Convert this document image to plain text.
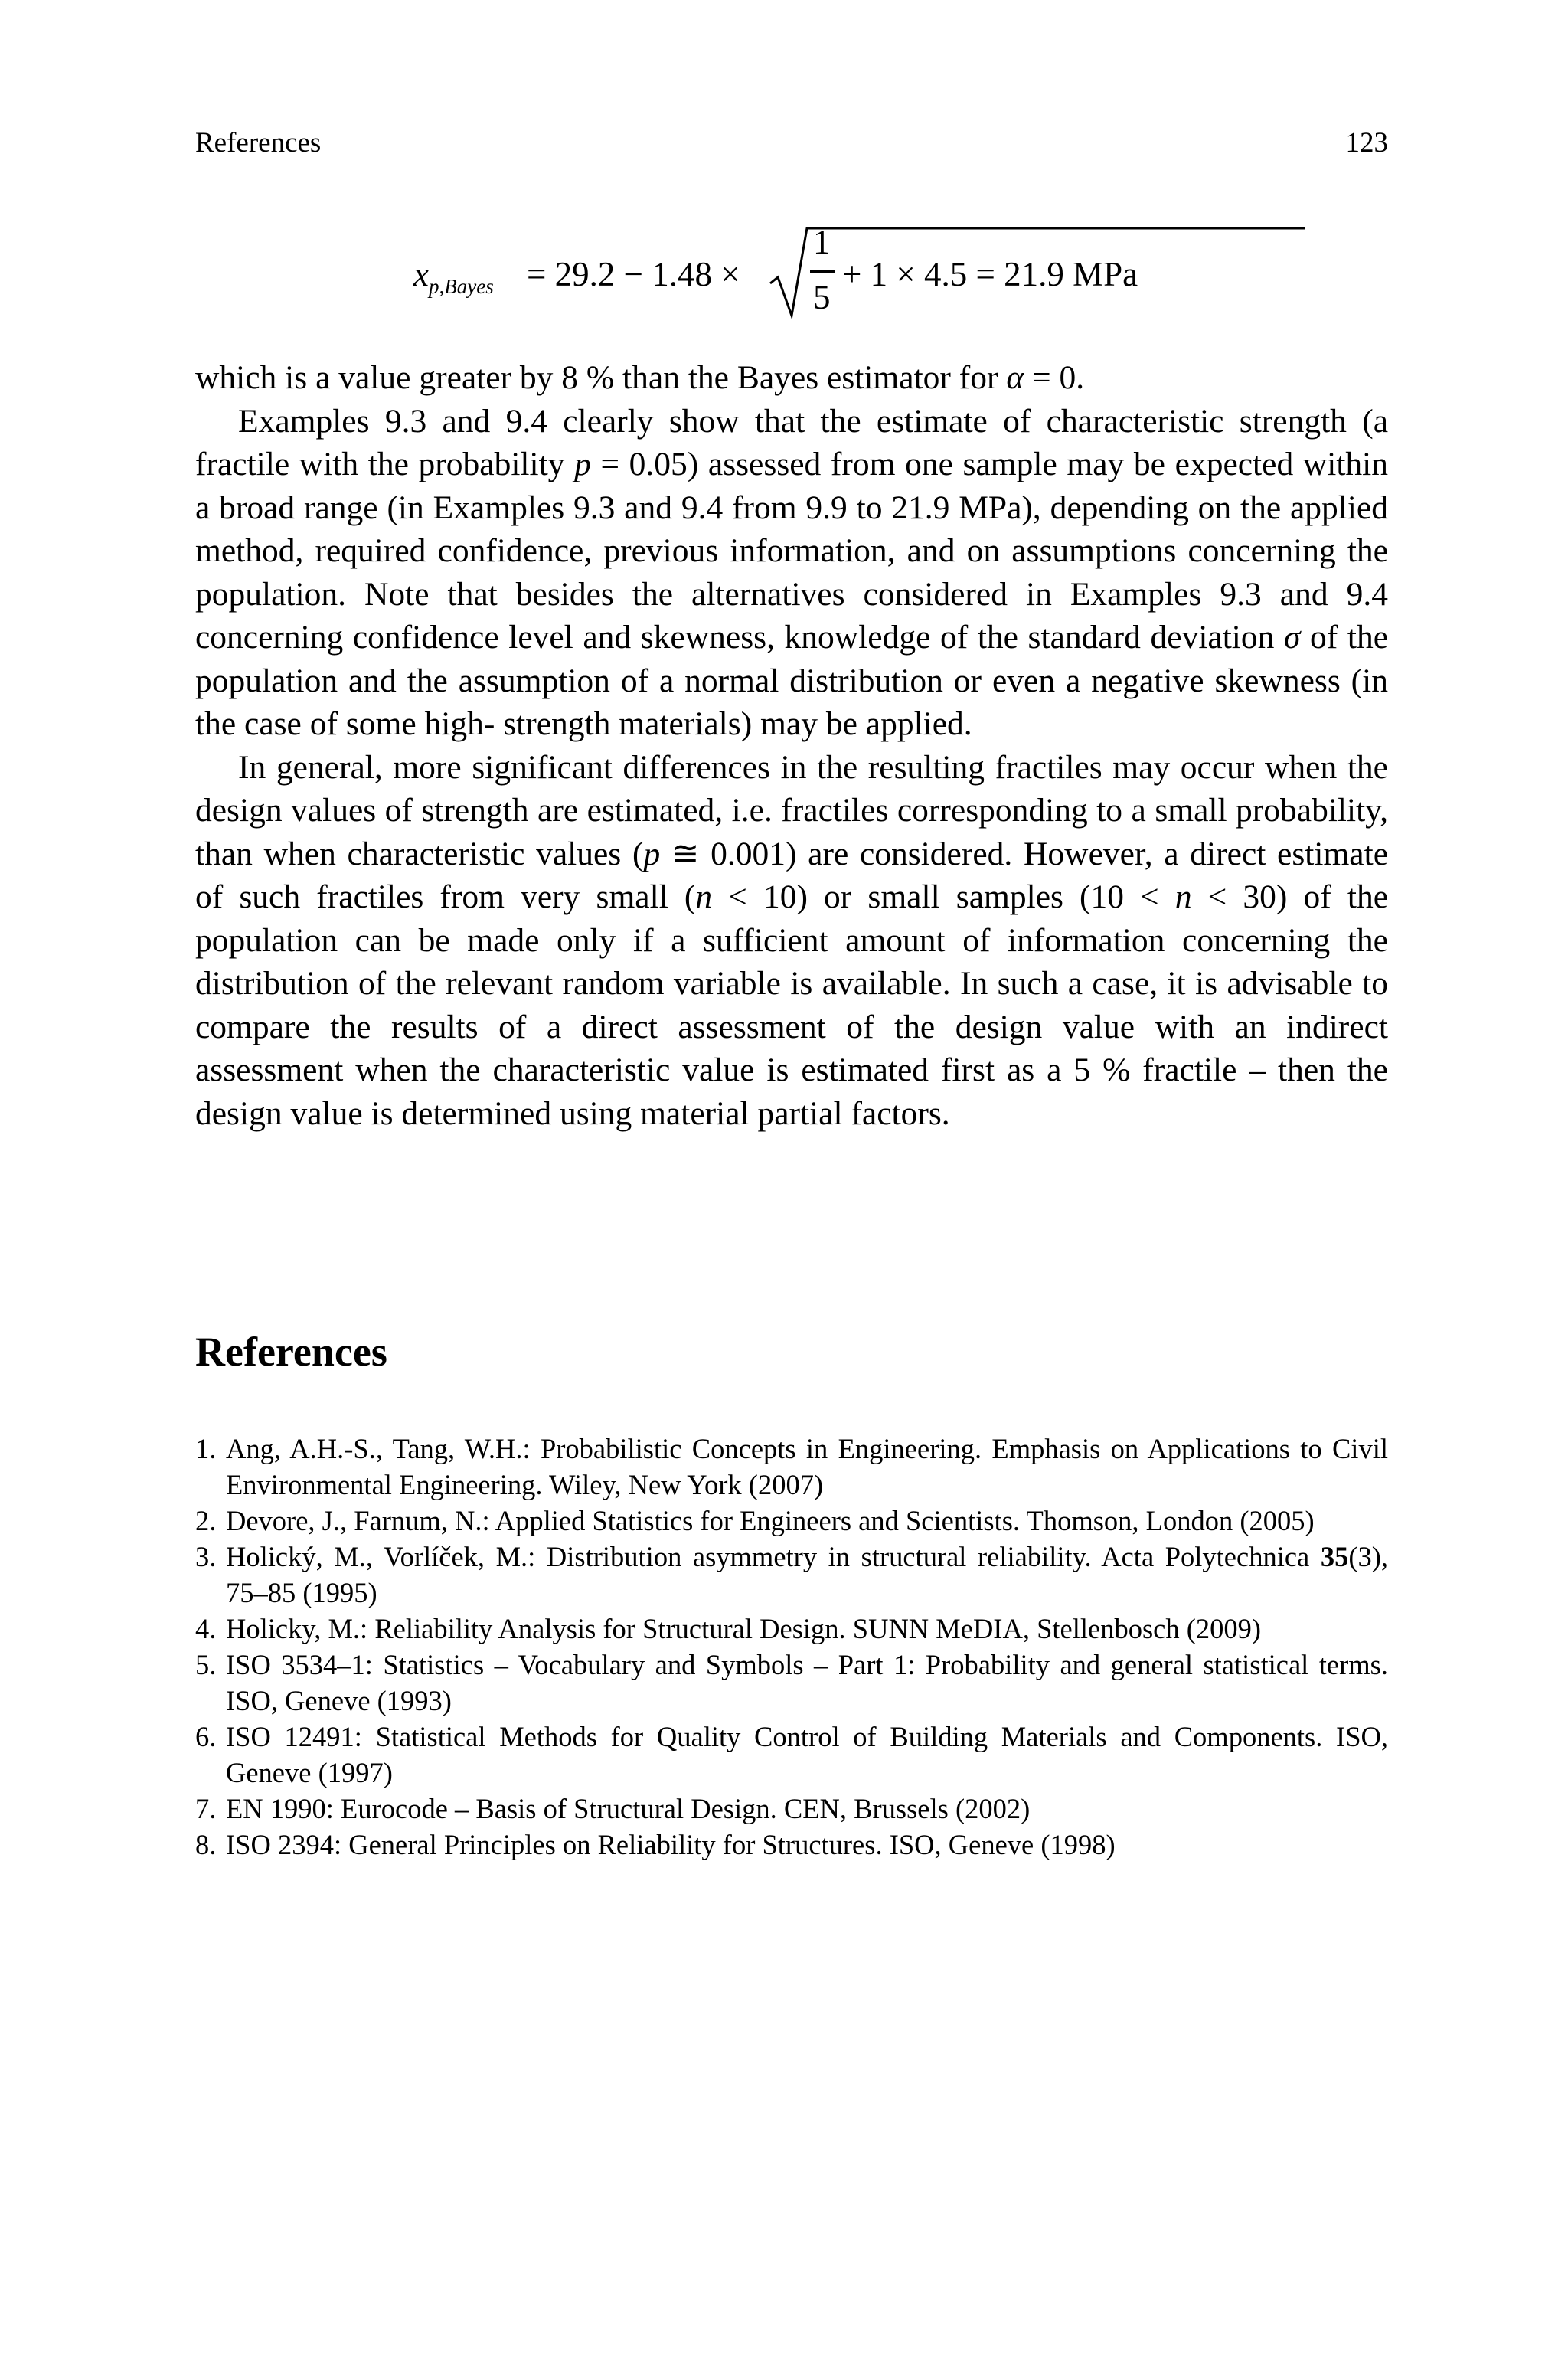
References	123
$x_{p,Bayes} = 29.2 - 1.48$ ×
1
5
+ 1 × 4.5 = 21.9 MPa

which is a value greater by 8 % than the Bayes estimator for α = 0.

Examples 9.3 and 9.4 clearly show that the estimate of characteristic strength (a fractile with the probability p = 0.05) assessed from one sample may be expected within a broad range (in Examples 9.3 and 9.4 from 9.9 to 21.9 MPa), depending on the applied method, required confidence, previous information, and on assumptions concerning the population. Note that besides the alternatives considered in Examples 9.3 and 9.4 concerning confidence level and skewness, knowledge of the standard deviation σ of the population and the assumption of a normal distribution or even a negative skewness (in the case of some high- strength materials) may be applied.

In general, more significant differences in the resulting fractiles may occur when the design values of strength are estimated, i.e. fractiles corresponding to a small probability, than when characteristic values (p ≅ 0.001) are considered. However, a direct estimate of such fractiles from very small (n < 10) or small samples (10 < n < 30) of the population can be made only if a sufficient amount of information concerning the distribution of the relevant random variable is available. In such a case, it is advisable to compare the results of a direct assessment of the design value with an indirect assessment when the characteristic value is estimated first as a 5 % fractile – then the design value is determined using material partial factors.

References
1. Ang, A.H.-S., Tang, W.H.: Probabilistic Concepts in Engineering. Emphasis on Applications to Civil Environmental Engineering. Wiley, New York (2007)
2. Devore, J., Farnum, N.: Applied Statistics for Engineers and Scientists. Thomson, London (2005)
3. Holický, M., Vorlíček, M.: Distribution asymmetry in structural reliability. Acta Polytechnica 35(3), 75–85 (1995)
4. Holicky, M.: Reliability Analysis for Structural Design. SUNN MeDIA, Stellenbosch (2009)
5. ISO 3534–1: Statistics – Vocabulary and Symbols – Part 1: Probability and general statistical terms. ISO, Geneve (1993)
6. ISO 12491: Statistical Methods for Quality Control of Building Materials and Components. ISO, Geneve (1997)
7. EN 1990: Eurocode – Basis of Structural Design. CEN, Brussels (2002)
8. ISO 2394: General Principles on Reliability for Structures. ISO, Geneve (1998)
